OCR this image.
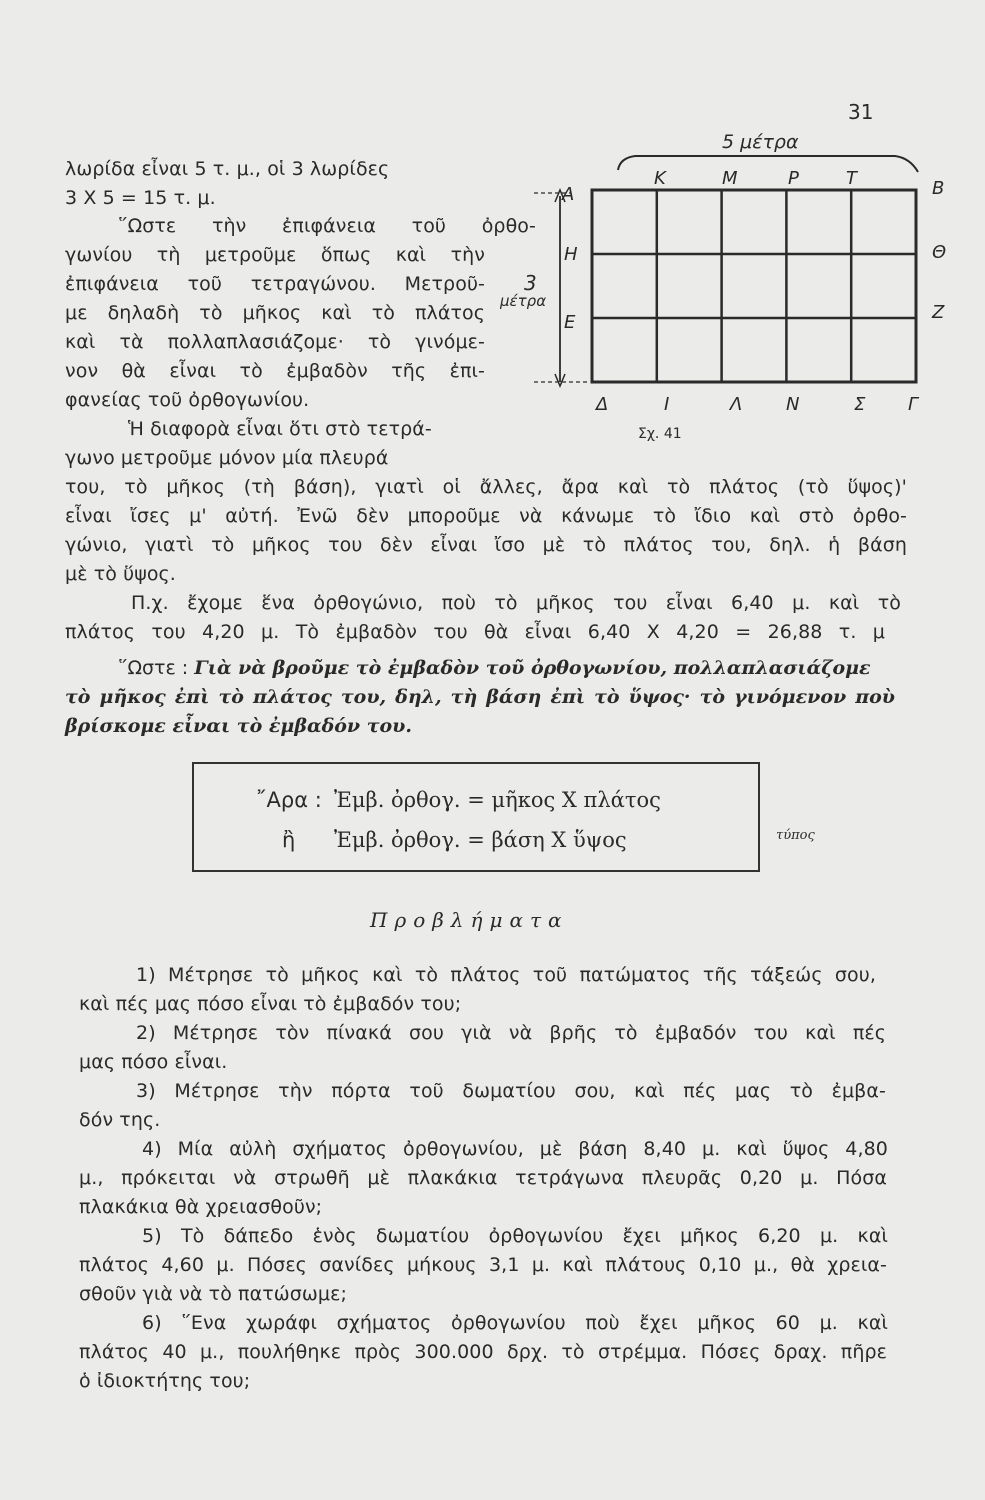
31
λωρίδα εἶναι 5 τ. μ., οἱ 3 λωρίδες
3 X 5 = 15 τ. μ.
῞Ωστε τὴν ἐπιφάνεια τοῦ ὀρθο-
γωνίου τὴ μετροῦμε ὅπως καὶ τὴν
ἐπιφάνεια τοῦ τετραγώνου. Μετροῦ-
με δηλαδὴ τὸ μῆκος καὶ τὸ πλάτος
καὶ τὰ πολλαπλασιάζομε· τὸ γινόμε-
νον θὰ εἶναι τὸ ἐμβαδὸν τῆς ἐπι-
φανείας τοῦ ὀρθογωνίου.
Ἡ διαφορὰ εἶναι ὅτι στὸ τετρά-
5 μέτρα
3
μέτρα
Κ	Μ	Ρ	Τ
Α
Η
Ε
Β
Θ
Ζ
Δ	Ι	Λ Ν	Σ Γ
Σχ. 41
γωνο μετροῦμε μόνον μία πλευρά
του, τὸ μῆκος (τὴ βάση), γιατὶ οἱ ἄλλες, ἄρα καὶ τὸ πλάτος (τὸ ὕψος)'
εἶναι ἴσες μ' αὐτή. Ἐνῶ δὲν μποροῦμε νὰ κάνωμε τὸ ἴδιο καὶ στὸ ὀρθο-
γώνιο, γιατὶ τὸ μῆκος του δὲν εἶναι ἴσο μὲ τὸ πλάτος του, δηλ. ἡ βάση
μὲ τὸ ὕψος.
Π.χ. ἔχομε ἕνα ὀρθογώνιο, ποὺ τὸ μῆκος του εἶναι 6,40 μ. καὶ τὸ
πλάτος του 4,20 μ. Τὸ ἐμβαδὸν του θὰ εἶναι 6,40 X 4,20 = 26,88 τ. μ
῞Ωστε : Γιὰ νὰ βροῦμε τὸ ἐμβαδὸν τοῦ ὀρθογωνίου, πολλαπλασιάζομε
τὸ μῆκος ἐπὶ τὸ πλάτος του, δηλ, τὴ βάση ἐπὶ τὸ ὕψος· τὸ γινόμενον ποὺ
βρίσκομε εἶναι τὸ ἐμβαδόν του.
῎Αρα : Ἐμβ. ὀρθογ. = μῆκος X πλάτος
ἢ Ἐμβ. ὀρθογ. = βάση X ὕψος	τύπος
Προβλήματα
1) Μέτρησε τὸ μῆκος καὶ τὸ πλάτος τοῦ πατώματος τῆς τάξεώς σου,
καὶ πές μας πόσο εἶναι τὸ ἐμβαδόν του;
2) Μέτρησε τὸν πίνακά σου γιὰ νὰ βρῆς τὸ ἐμβαδόν του καὶ πές
μας πόσο εἶναι.
3) Μέτρησε τὴν πόρτα τοῦ δωματίου σου, καὶ πές μας τὸ ἐμβα-
δόν της.
4) Μία αὐλὴ σχήματος ὀρθογωνίου, μὲ βάση 8,40 μ. καὶ ὕψος 4,80
μ., πρόκειται νὰ στρωθῆ μὲ πλακάκια τετράγωνα πλευρᾶς 0,20 μ. Πόσα
πλακάκια θὰ χρειασθοῦν;
5) Τὸ δάπεδο ἑνὸς δωματίου ὀρθογωνίου ἔχει μῆκος 6,20 μ. καὶ
πλάτος 4,60 μ. Πόσες σανίδες μήκους 3,1 μ. καὶ πλάτους 0,10 μ., θὰ χρεια-
σθοῦν γιὰ νὰ τὸ πατώσωμε;
6) ῞Ενα χωράφι σχήματος ὀρθογωνίου ποὺ ἔχει μῆκος 60 μ. καὶ
πλάτος 40 μ., πουλήθηκε πρὸς 300.000 δρχ. τὸ στρέμμα. Πόσες δραχ. πῆρε
ὁ ἰδιοκτήτης του;
